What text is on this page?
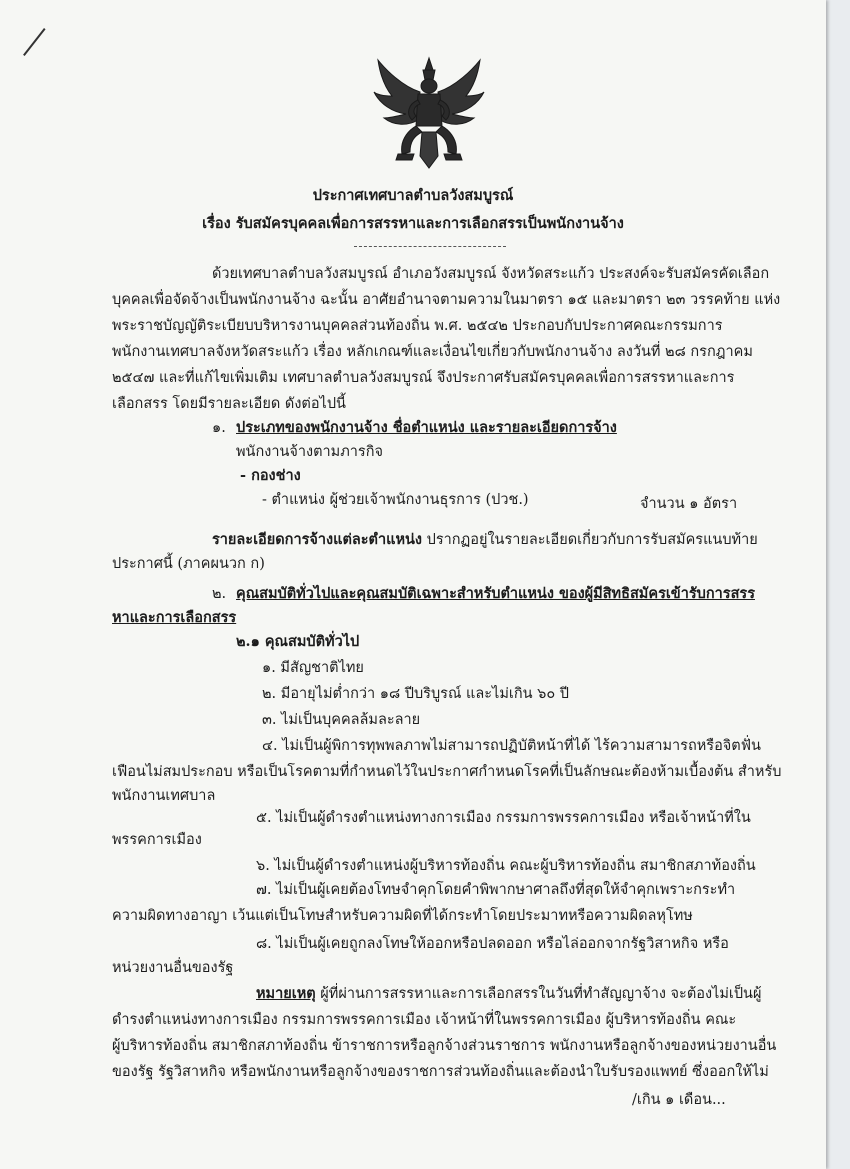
ประกาศเทศบาลตำบลวังสมบูรณ์
เรื่อง รับสมัครบุคคลเพื่อการสรรหาและการเลือกสรรเป็นพนักงานจ้าง
ด้วยเทศบาลตำบลวังสมบูรณ์ อำเภอวังสมบูรณ์ จังหวัดสระแก้ว ประสงค์จะรับสมัครคัดเลือก
บุคคลเพื่อจัดจ้างเป็นพนักงานจ้าง ฉะนั้น อาศัยอำนาจตามความในมาตรา ๑๕ และมาตรา ๒๓ วรรคท้าย แห่ง
พระราชบัญญัติระเบียบบริหารงานบุคคลส่วนท้องถิ่น พ.ศ. ๒๕๔๒ ประกอบกับประกาศคณะกรรมการ
พนักงานเทศบาลจังหวัดสระแก้ว เรื่อง หลักเกณฑ์และเงื่อนไขเกี่ยวกับพนักงานจ้าง ลงวันที่ ๒๘ กรกฎาคม
๒๕๔๗ และที่แก้ไขเพิ่มเติม เทศบาลตำบลวังสมบูรณ์ จึงประกาศรับสมัครบุคคลเพื่อการสรรหาและการ
เลือกสรร โดยมีรายละเอียด ดังต่อไปนี้
๑. ประเภทของพนักงานจ้าง ชื่อตำแหน่ง และรายละเอียดการจ้าง
พนักงานจ้างตามภารกิจ
- กองช่าง
- ตำแหน่ง ผู้ช่วยเจ้าพนักงานธุรการ (ปวช.)	จำนวน ๑ อัตรา
รายละเอียดการจ้างแต่ละตำแหน่ง ปรากฏอยู่ในรายละเอียดเกี่ยวกับการรับสมัครแนบท้าย
ประกาศนี้ (ภาคผนวก ก)
๒. คุณสมบัติทั่วไปและคุณสมบัติเฉพาะสำหรับตำแหน่ง ของผู้มีสิทธิสมัครเข้ารับการสรร
หาและการเลือกสรร
๒.๑ คุณสมบัติทั่วไป
๑. มีสัญชาติไทย
๒. มีอายุไม่ต่ำกว่า ๑๘ ปีบริบูรณ์ และไม่เกิน ๖๐ ปี
๓. ไม่เป็นบุคคลล้มละลาย
๔. ไม่เป็นผู้พิการทุพพลภาพไม่สามารถปฏิบัติหน้าที่ได้ ไร้ความสามารถหรือจิตฟั่น
เฟือนไม่สมประกอบ หรือเป็นโรคตามที่กำหนดไว้ในประกาศกำหนดโรคที่เป็นลักษณะต้องห้ามเบื้องต้น สำหรับ
พนักงานเทศบาล
๕. ไม่เป็นผู้ดำรงตำแหน่งทางการเมือง กรรมการพรรคการเมือง หรือเจ้าหน้าที่ใน
พรรคการเมือง
๖. ไม่เป็นผู้ดำรงตำแหน่งผู้บริหารท้องถิ่น คณะผู้บริหารท้องถิ่น สมาชิกสภาท้องถิ่น
๗. ไม่เป็นผู้เคยต้องโทษจำคุกโดยคำพิพากษาศาลถึงที่สุดให้จำคุกเพราะกระทำ
ความผิดทางอาญา เว้นแต่เป็นโทษสำหรับความผิดที่ได้กระทำโดยประมาทหรือความผิดลหุโทษ
๘. ไม่เป็นผู้เคยถูกลงโทษให้ออกหรือปลดออก หรือไล่ออกจากรัฐวิสาหกิจ หรือ
หน่วยงานอื่นของรัฐ
หมายเหตุ ผู้ที่ผ่านการสรรหาและการเลือกสรรในวันที่ทำสัญญาจ้าง จะต้องไม่เป็นผู้
ดำรงตำแหน่งทางการเมือง กรรมการพรรคการเมือง เจ้าหน้าที่ในพรรคการเมือง ผู้บริหารท้องถิ่น คณะ
ผู้บริหารท้องถิ่น สมาชิกสภาท้องถิ่น ข้าราชการหรือลูกจ้างส่วนราชการ พนักงานหรือลูกจ้างของหน่วยงานอื่น
ของรัฐ รัฐวิสาหกิจ หรือพนักงานหรือลูกจ้างของราชการส่วนท้องถิ่นและต้องนำใบรับรองแพทย์ ซึ่งออกให้ไม่
/เกิน ๑ เดือน...
